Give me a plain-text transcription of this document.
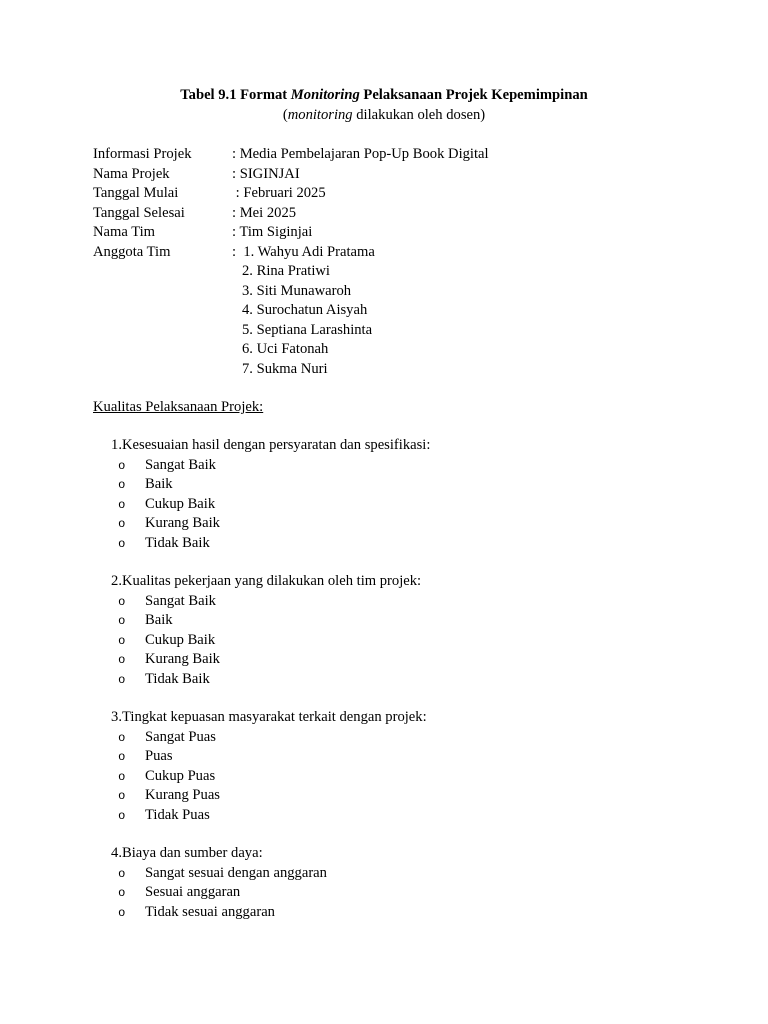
Tabel 9.1 Format Monitoring Pelaksanaan Projek Kepemimpinan
(monitoring dilakukan oleh dosen)
Informasi Projek	: Media Pembelajaran Pop-Up Book Digital
Nama Projek	: SIGINJAI
Tanggal Mulai	: Februari 2025
Tanggal Selesai	: Mei 2025
Nama Tim	: Tim Siginjai
Anggota Tim	:  1. Wahyu Adi Pratama
2. Rina Pratiwi
3. Siti Munawaroh
4. Surochatun Aisyah
5. Septiana Larashinta
6. Uci Fatonah
7. Sukma Nuri
Kualitas Pelaksanaan Projek:
1. Kesesuaian hasil dengan persyaratan dan spesifikasi:
o	Sangat Baik
o	Baik
o	Cukup Baik
o	Kurang Baik
o	Tidak Baik
2. Kualitas pekerjaan yang dilakukan oleh tim projek:
o	Sangat Baik
o	Baik
o	Cukup Baik
o	Kurang Baik
o	Tidak Baik
3. Tingkat kepuasan masyarakat terkait dengan projek:
o	Sangat Puas
o	Puas
o	Cukup Puas
o	Kurang Puas
o	Tidak Puas
4. Biaya dan sumber daya:
o	Sangat sesuai dengan anggaran
o	Sesuai anggaran
o	Tidak sesuai anggaran
